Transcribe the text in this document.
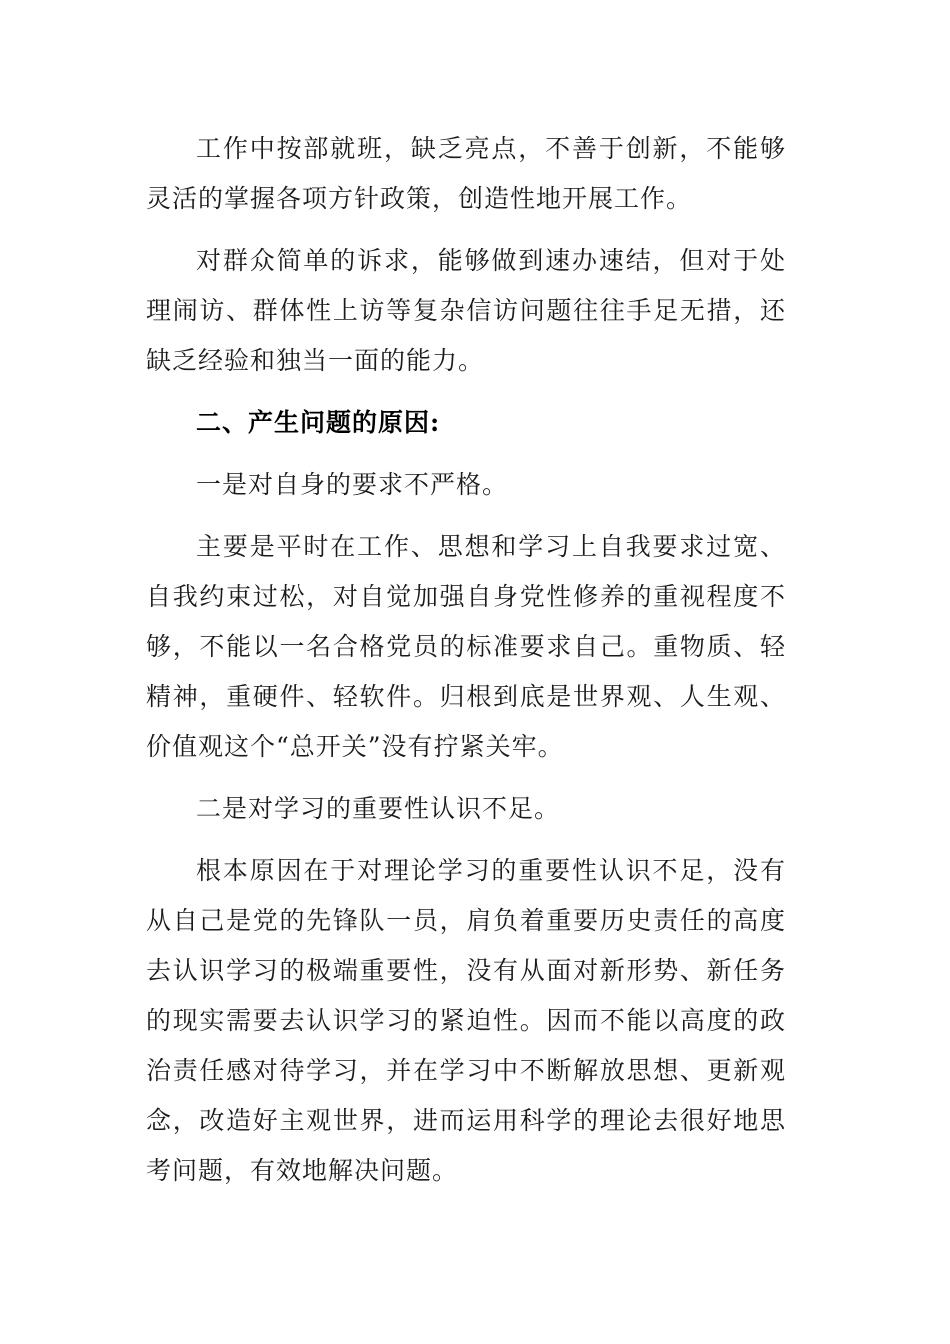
工作中按部就班，缺乏亮点，不善于创新，不能够灵活的掌握各项方针政策，创造性地开展工作。

对群众简单的诉求，能够做到速办速结，但对于处理闹访、群体性上访等复杂信访问题往往手足无措，还缺乏经验和独当一面的能力。

二、产生问题的原因:

一是对自身的要求不严格。

主要是平时在工作、思想和学习上自我要求过宽、自我约束过松，对自觉加强自身党性修养的重视程度不够，不能以一名合格党员的标准要求自己。重物质、轻精神，重硬件、轻软件。归根到底是世界观、人生观、价值观这个“总开关”没有拧紧关牢。

二是对学习的重要性认识不足。

根本原因在于对理论学习的重要性认识不足，没有从自己是党的先锋队一员，肩负着重要历史责任的高度去认识学习的极端重要性，没有从面对新形势、新任务的现实需要去认识学习的紧迫性。因而不能以高度的政治责任感对待学习，并在学习中不断解放思想、更新观念，改造好主观世界，进而运用科学的理论去很好地思考问题，有效地解决问题。
